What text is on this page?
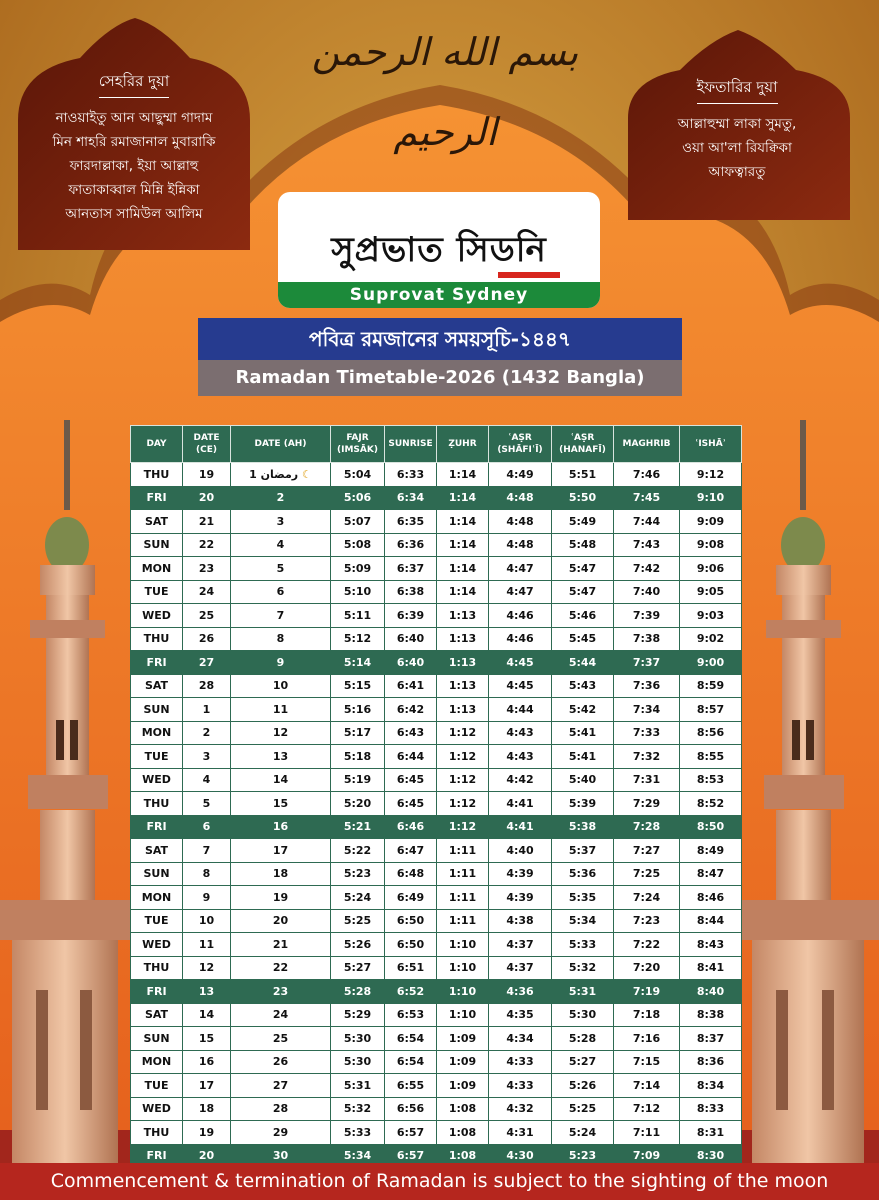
بسم الله الرحمن الرحيم
সেহরির দুয়া
নাওয়াইতু আন আছুম্মা গাদাম
মিন শাহরি রমাজানাল মুবারাকি
ফারদাল্লাকা, ইয়া আল্লাহু
ফাতাকাব্বাল মিন্নি ইন্নিকা
আনতাস সামিউল আলিম
ইফতারির দুয়া
আল্লাহুম্মা লাকা সুমতু,
ওয়া আ'লা রিযক্বিকা
আফত্বারতু
সুপ্রভাত সিডনি
Suprovat Sydney
পবিত্র রমজানের সময়সূচি-১৪৪৭
Ramadan Timetable-2026 (1432 Bangla)
DAY	DATE (CE)	DATE (AH)	FAJR (IMSĀK)	SUNRISE	ẒUHR	ʿAṢR (SHĀFIʿĪ)	ʿAṢR (HANAFĪ)	MAGHRIB	ʿISHĀʾ
THU	19	رمضان 1 ☾	5:04	6:33	1:14	4:49	5:51	7:46	9:12
FRI	20	2	5:06	6:34	1:14	4:48	5:50	7:45	9:10
SAT	21	3	5:07	6:35	1:14	4:48	5:49	7:44	9:09
SUN	22	4	5:08	6:36	1:14	4:48	5:48	7:43	9:08
MON	23	5	5:09	6:37	1:14	4:47	5:47	7:42	9:06
TUE	24	6	5:10	6:38	1:14	4:47	5:47	7:40	9:05
WED	25	7	5:11	6:39	1:13	4:46	5:46	7:39	9:03
THU	26	8	5:12	6:40	1:13	4:46	5:45	7:38	9:02
FRI	27	9	5:14	6:40	1:13	4:45	5:44	7:37	9:00
SAT	28	10	5:15	6:41	1:13	4:45	5:43	7:36	8:59
SUN	1	11	5:16	6:42	1:13	4:44	5:42	7:34	8:57
MON	2	12	5:17	6:43	1:12	4:43	5:41	7:33	8:56
TUE	3	13	5:18	6:44	1:12	4:43	5:41	7:32	8:55
WED	4	14	5:19	6:45	1:12	4:42	5:40	7:31	8:53
THU	5	15	5:20	6:45	1:12	4:41	5:39	7:29	8:52
FRI	6	16	5:21	6:46	1:12	4:41	5:38	7:28	8:50
SAT	7	17	5:22	6:47	1:11	4:40	5:37	7:27	8:49
SUN	8	18	5:23	6:48	1:11	4:39	5:36	7:25	8:47
MON	9	19	5:24	6:49	1:11	4:39	5:35	7:24	8:46
TUE	10	20	5:25	6:50	1:11	4:38	5:34	7:23	8:44
WED	11	21	5:26	6:50	1:10	4:37	5:33	7:22	8:43
THU	12	22	5:27	6:51	1:10	4:37	5:32	7:20	8:41
FRI	13	23	5:28	6:52	1:10	4:36	5:31	7:19	8:40
SAT	14	24	5:29	6:53	1:10	4:35	5:30	7:18	8:38
SUN	15	25	5:30	6:54	1:09	4:34	5:28	7:16	8:37
MON	16	26	5:30	6:54	1:09	4:33	5:27	7:15	8:36
TUE	17	27	5:31	6:55	1:09	4:33	5:26	7:14	8:34
WED	18	28	5:32	6:56	1:08	4:32	5:25	7:12	8:33
THU	19	29	5:33	6:57	1:08	4:31	5:24	7:11	8:31
FRI	20	30	5:34	6:57	1:08	4:30	5:23	7:09	8:30
Commencement & termination of Ramadan is subject to the sighting of the moon
